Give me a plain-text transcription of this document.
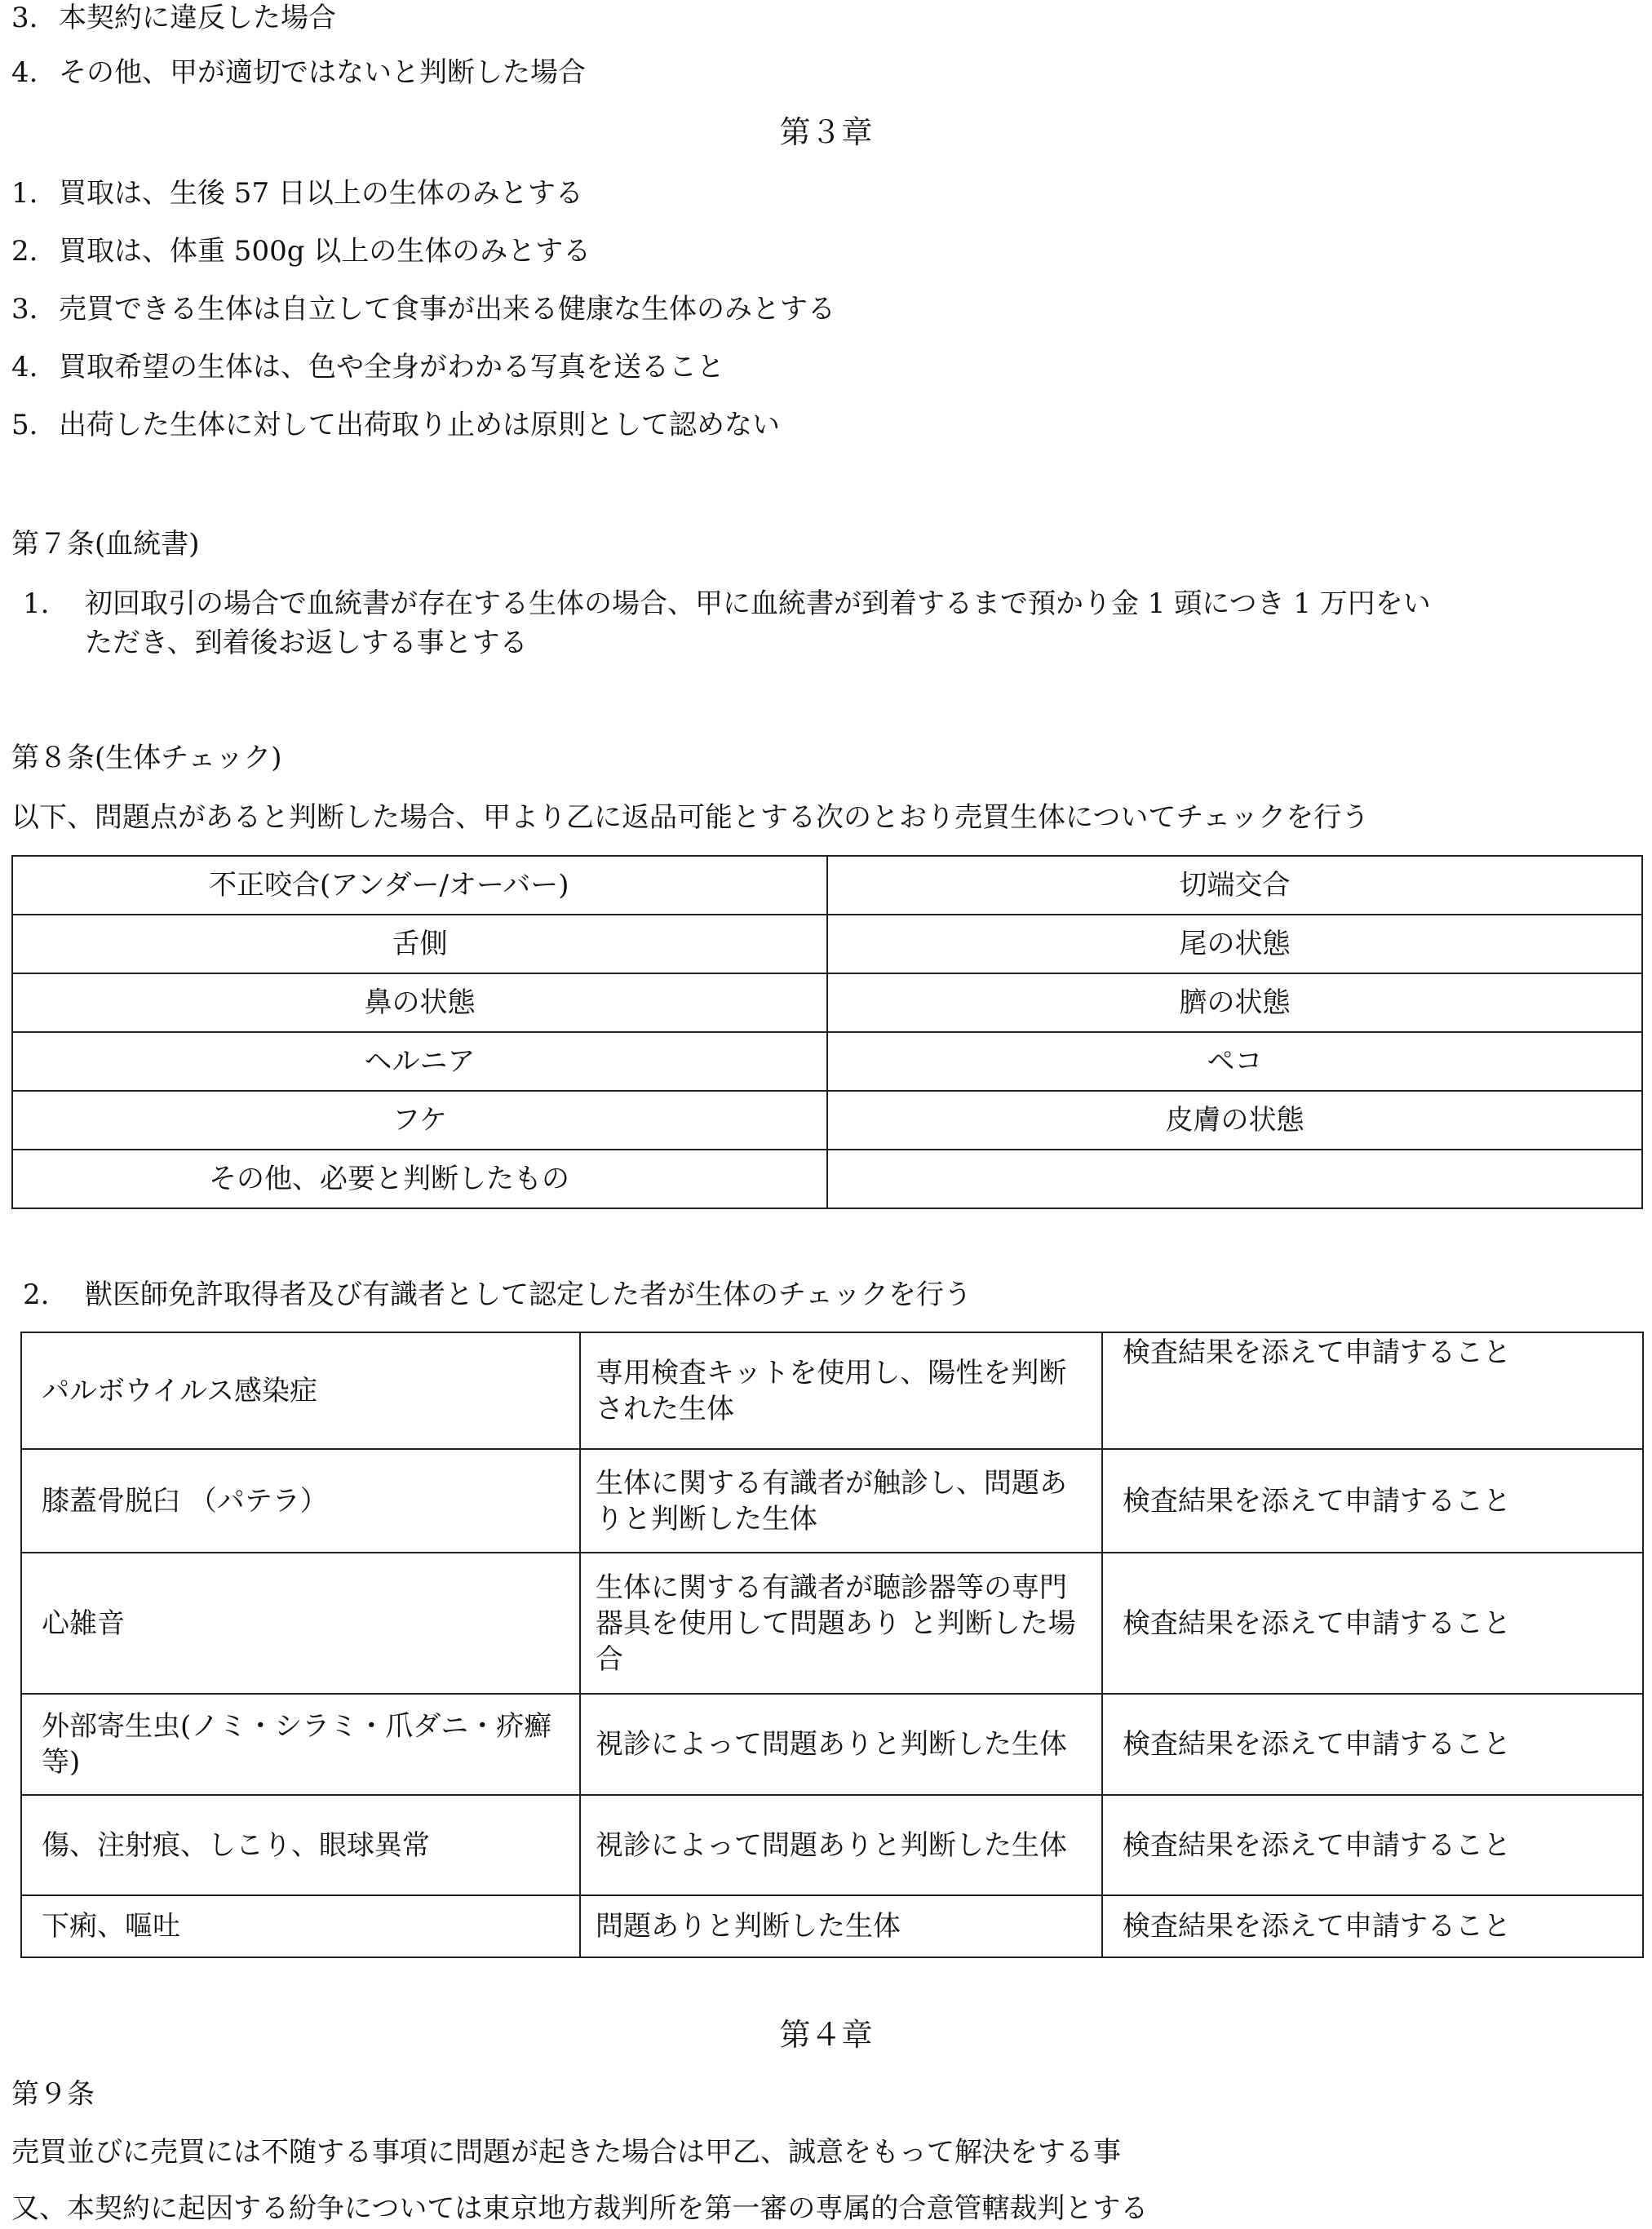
3. 本契約に違反した場合

4. その他、甲が適切ではないと判断した場合

第３章

1. 買取は、生後 57 日以上の生体のみとする

2. 買取は、体重 500g 以上の生体のみとする

3. 売買できる生体は自立して食事が出来る健康な生体のみとする

4. 買取希望の生体は、色や全身がわかる写真を送ること

5. 出荷した生体に対して出荷取り止めは原則として認めない

第７条(血統書)

1. 初回取引の場合で血統書が存在する生体の場合、甲に血統書が到着するまで預かり金 1 頭につき 1 万円をい

ただき、到着後お返しする事とする

第８条(生体チェック)

以下、問題点があると判断した場合、甲より乙に返品可能とする次のとおり売買生体についてチェックを行う

不正咬合(アンダー/オーバー)	切端交合
舌側	尾の状態
鼻の状態	臍の状態
ヘルニア	ペコ
フケ	皮膚の状態
その他、必要と判断したもの	

2. 獣医師免許取得者及び有識者として認定した者が生体のチェックを行う

パルボウイルス感染症	専用検査キットを使用し、陽性を判断された生体	検査結果を添えて申請すること
膝蓋骨脱臼 （パテラ）	生体に関する有識者が触診し、問題ありと判断した生体	検査結果を添えて申請すること
心雑音	生体に関する有識者が聴診器等の専門器具を使用して問題あり と判断した場合	検査結果を添えて申請すること
外部寄生虫(ノミ・シラミ・爪ダニ・疥癬等)	視診によって問題ありと判断した生体	検査結果を添えて申請すること
傷、注射痕、しこり、眼球異常	視診によって問題ありと判断した生体	検査結果を添えて申請すること
下痢、嘔吐	問題ありと判断した生体	検査結果を添えて申請すること

第４章

第９条

売買並びに売買には不随する事項に問題が起きた場合は甲乙、誠意をもって解決をする事

又、本契約に起因する紛争については東京地方裁判所を第一審の専属的合意管轄裁判とする
